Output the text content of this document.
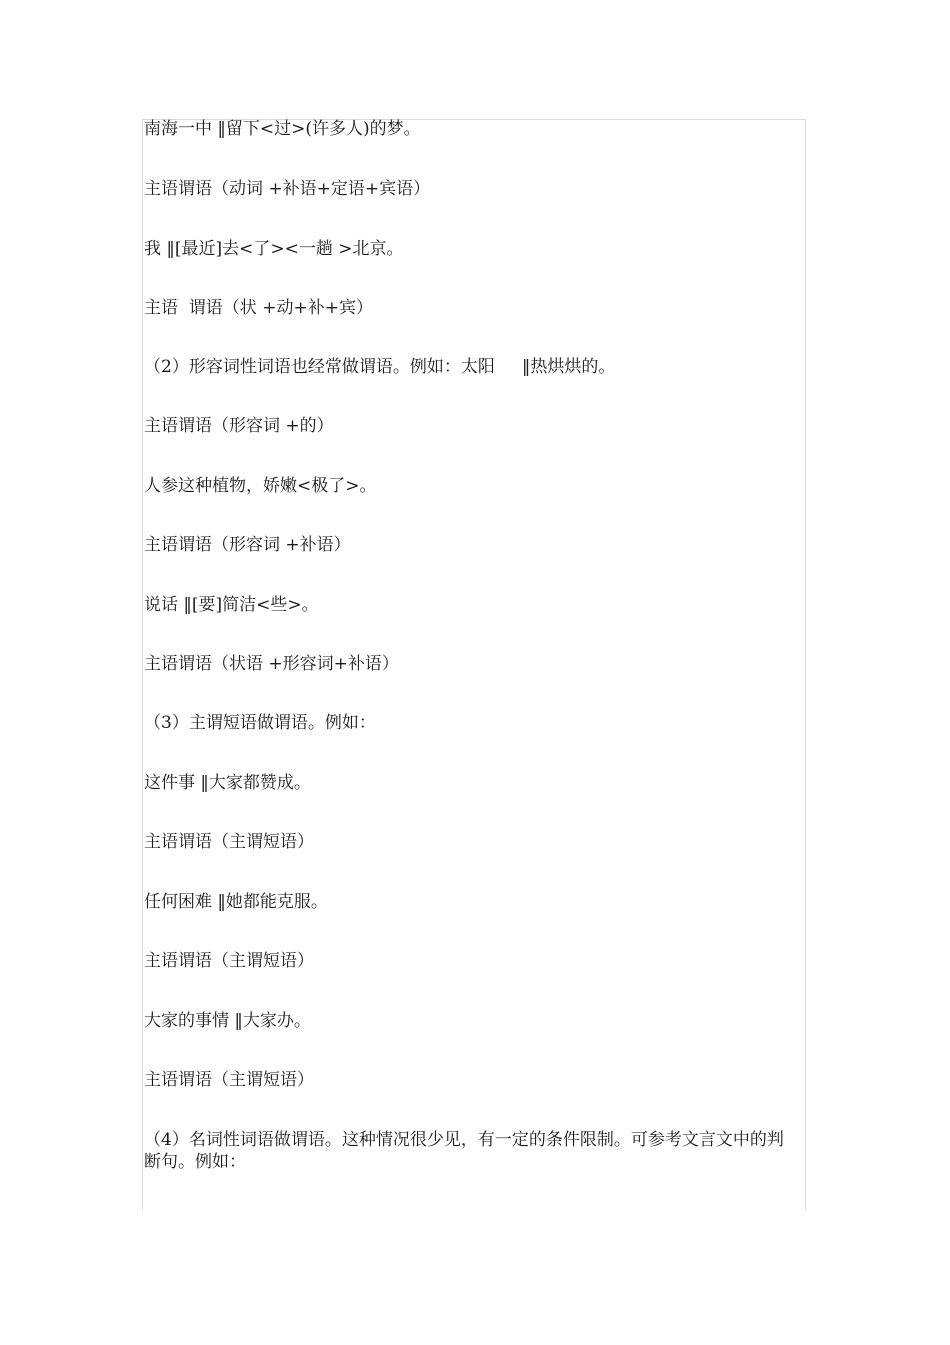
南海一中 ‖留下<过>(许多人)的梦。
主语谓语（动词 +补语+定语+宾语）
我 ‖[最近]去<了><一趟 >北京。
主语  谓语（状 +动+补+宾）
（2）形容词性词语也经常做谓语。例如：太阳     ‖热烘烘的。
主语谓语（形容词 +的）
人参这种植物，娇嫩<极了>。
主语谓语（形容词 +补语）
说话 ‖[要]简洁<些>。
主语谓语（状语 +形容词+补语）
（3）主谓短语做谓语。例如：
这件事 ‖大家都赞成。
主语谓语（主谓短语）
任何困难 ‖她都能克服。
主语谓语（主谓短语）
大家的事情 ‖大家办。
主语谓语（主谓短语）
（4）名词性词语做谓语。这种情况很少见，有一定的条件限制。可参考文言文中的判断句。例如：
